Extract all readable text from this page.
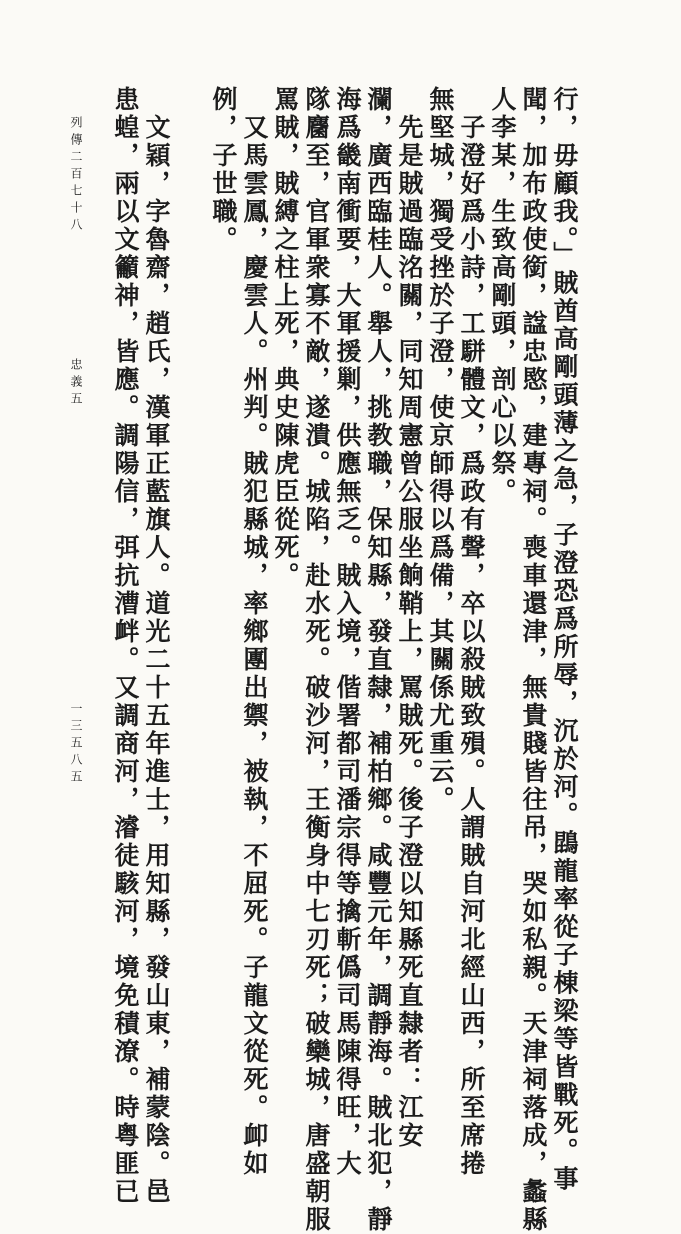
行，毋顧我。」賊酋高剛頭薄之急，子澄恐爲所辱，沉於河。鵾龍率從子棟梁等皆戰死。事
聞，加布政使銜，諡忠愍，建專祠。喪車還津，無貴賤皆往吊，哭如私親。天津祠落成，蠡縣
人李某，生致高剛頭，剖心以祭。
子澄好爲小詩，工駢體文，爲政有聲，卒以殺賊致殞。人謂賊自河北經山西，所至席捲
無堅城，獨受挫於子澄，使京師得以爲備，其關係尤重云。
先是賊過臨洺關，同知周憲曾公服坐餉鞘上，罵賊死。後子澄以知縣死直隸者：江安
瀾，廣西臨桂人。舉人，挑教職，保知縣，發直隸，補柏鄉。咸豐元年，調靜海。賊北犯，靜
海爲畿南衝要，大軍援剿，供應無乏。賊入境，偕署都司潘宗得等擒斬僞司馬陳得旺，大
隊麕至，官軍衆寡不敵，遂潰。城陷，赴水死。破沙河，王衡身中七刃死；破欒城，唐盛朝服
罵賊，賊縛之柱上死，典史陳虎臣從死。
又馬雲鳳，慶雲人。州判。賊犯縣城，率鄉團出禦，被執，不屈死。子龍文從死。卹如
例，子世職。
文穎，字魯齋，趙氏，漢軍正藍旗人。道光二十五年進士，用知縣，發山東，補蒙陰。邑
患蝗，兩以文籲神，皆應。調陽信，弭抗漕衅。又調商河，濬徒駭河，境免積潦。時粤匪已
列傳二百七十八
忠義五
一三五八五
